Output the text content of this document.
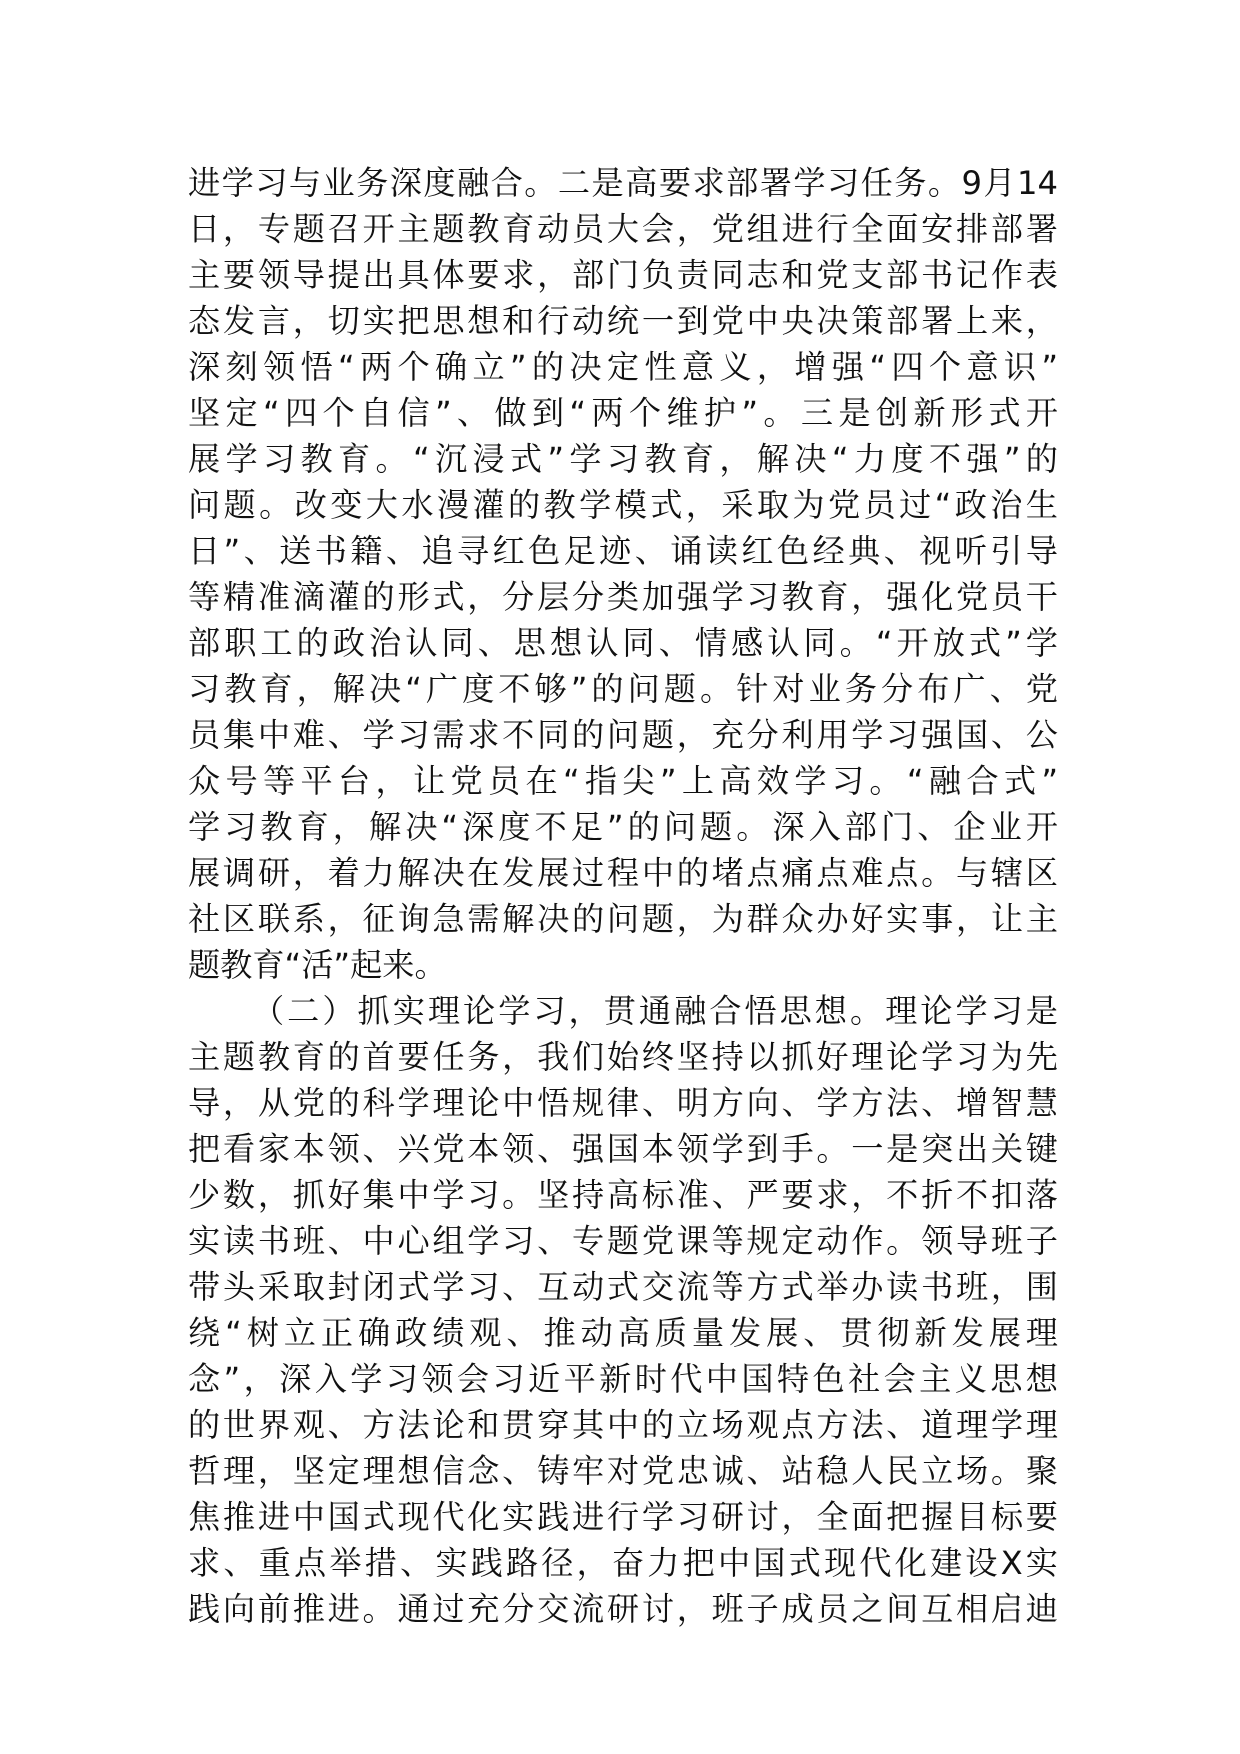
进学习与业务深度融合。二是高要求部署学习任务。9月14
日，专题召开主题教育动员大会，党组进行全面安排部署
主要领导提出具体要求，部门负责同志和党支部书记作表
态发言，切实把思想和行动统一到党中央决策部署上来，
深刻领悟“两个确立”的决定性意义，增强“四个意识”
坚定“四个自信”、做到“两个维护”。三是创新形式开
展学习教育。“沉浸式”学习教育，解决“力度不强”的
问题。改变大水漫灌的教学模式，采取为党员过“政治生
日”、送书籍、追寻红色足迹、诵读红色经典、视听引导
等精准滴灌的形式，分层分类加强学习教育，强化党员干
部职工的政治认同、思想认同、情感认同。“开放式”学
习教育，解决“广度不够”的问题。针对业务分布广、党
员集中难、学习需求不同的问题，充分利用学习强国、公
众号等平台，让党员在“指尖”上高效学习。“融合式”
学习教育，解决“深度不足”的问题。深入部门、企业开
展调研，着力解决在发展过程中的堵点痛点难点。与辖区
社区联系，征询急需解决的问题，为群众办好实事，让主
题教育“活”起来。
（二）抓实理论学习，贯通融合悟思想。理论学习是
主题教育的首要任务，我们始终坚持以抓好理论学习为先
导，从党的科学理论中悟规律、明方向、学方法、增智慧
把看家本领、兴党本领、强国本领学到手。一是突出关键
少数，抓好集中学习。坚持高标准、严要求，不折不扣落
实读书班、中心组学习、专题党课等规定动作。领导班子
带头采取封闭式学习、互动式交流等方式举办读书班，围
绕“树立正确政绩观、推动高质量发展、贯彻新发展理
念”，深入学习领会习近平新时代中国特色社会主义思想
的世界观、方法论和贯穿其中的立场观点方法、道理学理
哲理，坚定理想信念、铸牢对党忠诚、站稳人民立场。聚
焦推进中国式现代化实践进行学习研讨，全面把握目标要
求、重点举措、实践路径，奋力把中国式现代化建设X实
践向前推进。通过充分交流研讨，班子成员之间互相启迪
